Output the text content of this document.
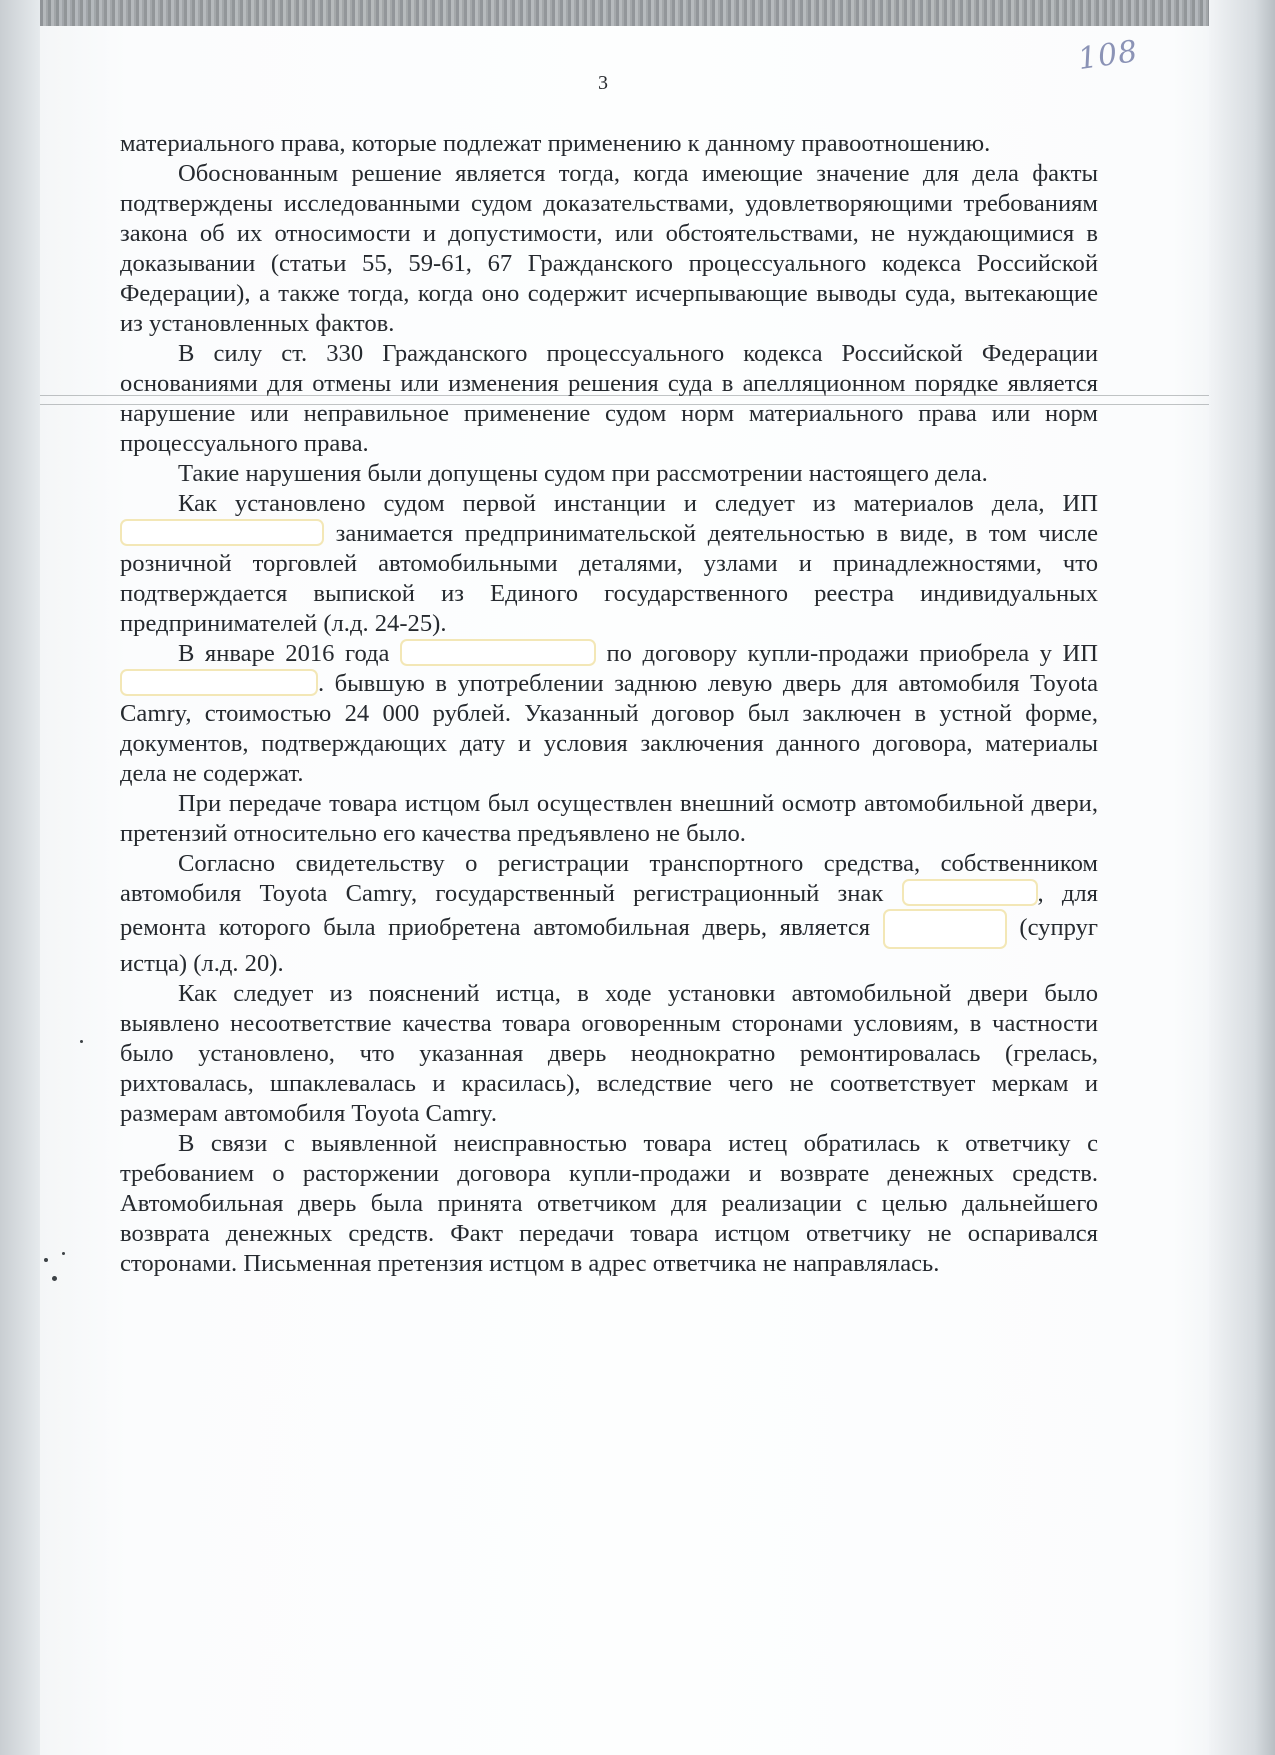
3
108

материального права, которые подлежат применению к данному правоотношению.

Обоснованным решение является тогда, когда имеющие значение для дела факты подтверждены исследованными судом доказательствами, удовлетворяющими требованиям закона об их относимости и допустимости, или обстоятельствами, не нуждающимися в доказывании (статьи 55, 59-61, 67 Гражданского процессуального кодекса Российской Федерации), а также тогда, когда оно содержит исчерпывающие выводы суда, вытекающие из установленных фактов.

В силу ст. 330 Гражданского процессуального кодекса Российской Федерации основаниями для отмены или изменения решения суда в апелляционном порядке является нарушение или неправильное применение судом норм материального права или норм процессуального права.

Такие нарушения были допущены судом при рассмотрении настоящего дела.

Как установлено судом первой инстанции и следует из материалов дела, ИП  занимается предпринимательской деятельностью в виде, в том числе розничной торговлей автомобильными деталями, узлами и принадлежностями, что подтверждается выпиской из Единого государственного реестра индивидуальных предпринимателей (л.д. 24-25).

В январе 2016 года	по договору купли-продажи приобрела у ИП . бывшую в употреблении заднюю левую дверь для автомобиля Toyota Camry, стоимостью 24 000 рублей. Указанный договор был заключен в устной форме, документов, подтверждающих дату и условия заключения данного договора, материалы дела не содержат.

При передаче товара истцом был осуществлен внешний осмотр автомобильной двери, претензий относительно его качества предъявлено не было.

Согласно свидетельству о регистрации транспортного средства, собственником автомобиля Toyota Camry, государственный регистрационный знак	, для ремонта которого была приобретена автомобильная дверь, является	(супруг истца) (л.д. 20).

Как следует из пояснений истца, в ходе установки автомобильной двери было выявлено несоответствие качества товара оговоренным сторонами условиям, в частности было установлено, что указанная дверь неоднократно ремонтировалась (грелась, рихтовалась, шпаклевалась и красилась), вследствие чего не соответствует меркам и размерам автомобиля Toyota Camry.

В связи с выявленной неисправностью товара истец обратилась к ответчику с требованием о расторжении договора купли-продажи и возврате денежных средств. Автомобильная дверь была принята ответчиком для реализации с целью дальнейшего возврата денежных средств. Факт передачи товара истцом ответчику не оспаривался сторонами. Письменная претензия истцом в адрес ответчика не направлялась.
